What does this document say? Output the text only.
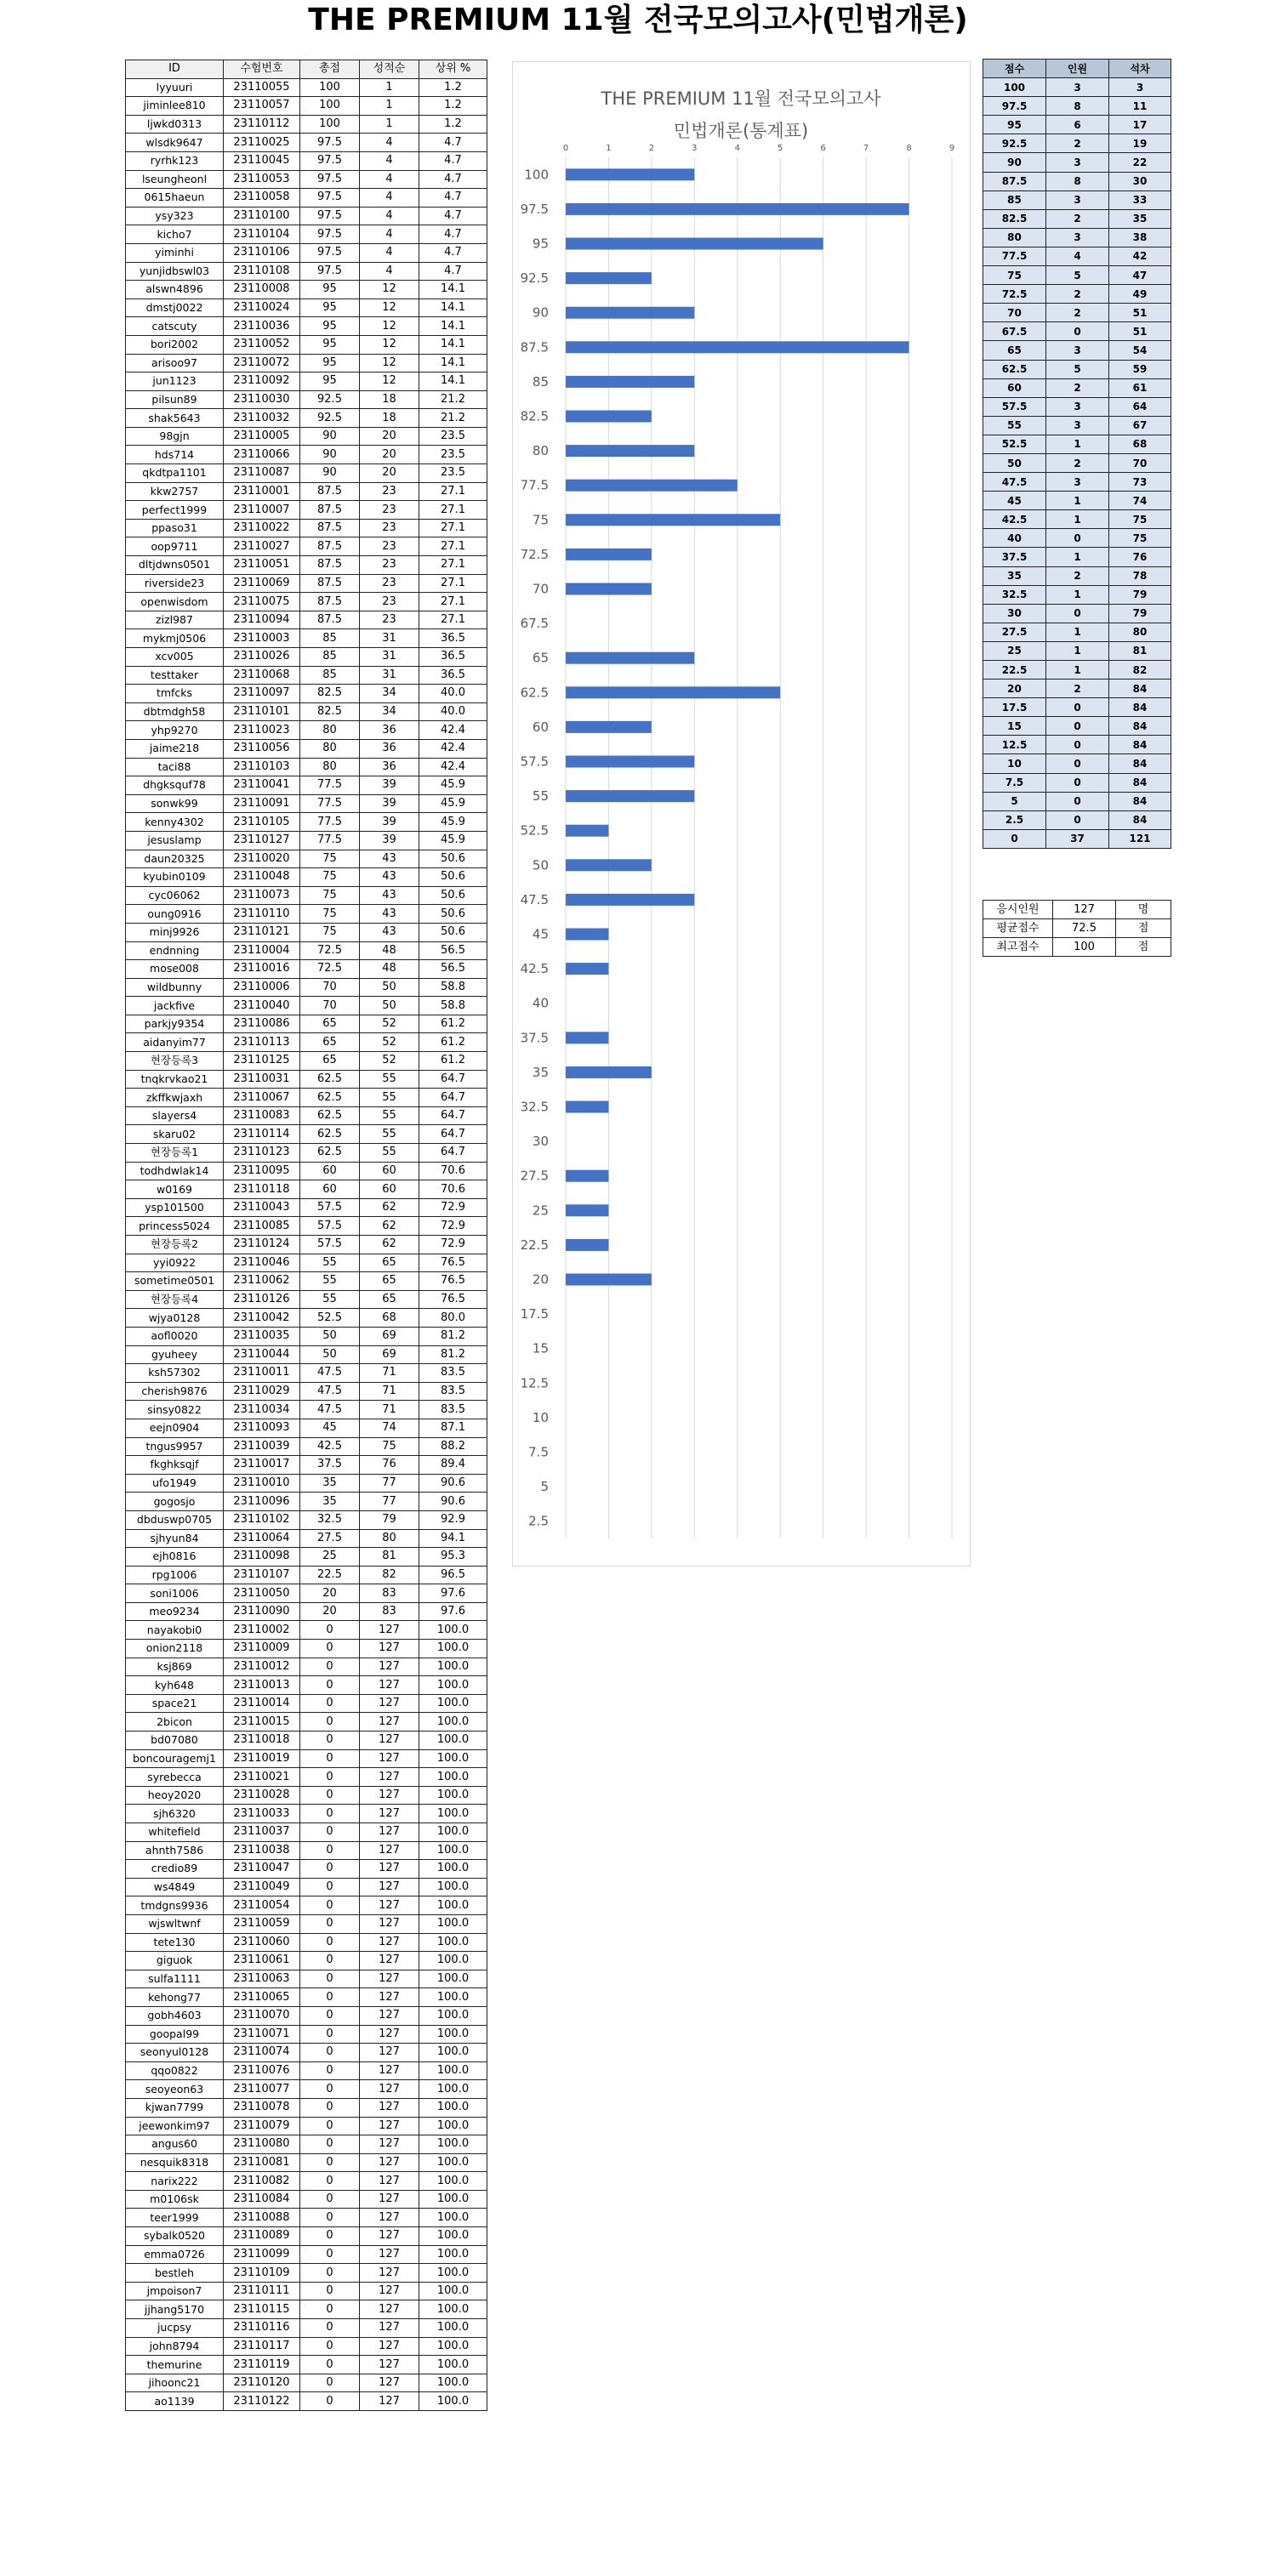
THE PREMIUM 11월 전국모의고사(민법개론)
ID	수험번호	총점	성적순	상위 %
lyyuuri	23110055	100	1	1.2
jiminlee810	23110057	100	1	1.2
ljwkd0313	23110112	100	1	1.2
wlsdk9647	23110025	97.5	4	4.7
ryrhk123	23110045	97.5	4	4.7
lseungheonl	23110053	97.5	4	4.7
0615haeun	23110058	97.5	4	4.7
ysy323	23110100	97.5	4	4.7
kicho7	23110104	97.5	4	4.7
yiminhi	23110106	97.5	4	4.7
yunjidbswl03	23110108	97.5	4	4.7
alswn4896	23110008	95	12	14.1
dmstj0022	23110024	95	12	14.1
catscuty	23110036	95	12	14.1
bori2002	23110052	95	12	14.1
arisoo97	23110072	95	12	14.1
jun1123	23110092	95	12	14.1
pilsun89	23110030	92.5	18	21.2
shak5643	23110032	92.5	18	21.2
98gjn	23110005	90	20	23.5
hds714	23110066	90	20	23.5
qkdtpa1101	23110087	90	20	23.5
kkw2757	23110001	87.5	23	27.1
perfect1999	23110007	87.5	23	27.1
ppaso31	23110022	87.5	23	27.1
oop9711	23110027	87.5	23	27.1
dltjdwns0501	23110051	87.5	23	27.1
riverside23	23110069	87.5	23	27.1
openwisdom	23110075	87.5	23	27.1
zizl987	23110094	87.5	23	27.1
mykmj0506	23110003	85	31	36.5
xcv005	23110026	85	31	36.5
testtaker	23110068	85	31	36.5
tmfcks	23110097	82.5	34	40.0
dbtmdgh58	23110101	82.5	34	40.0
yhp9270	23110023	80	36	42.4
jaime218	23110056	80	36	42.4
taci88	23110103	80	36	42.4
dhgksquf78	23110041	77.5	39	45.9
sonwk99	23110091	77.5	39	45.9
kenny4302	23110105	77.5	39	45.9
jesuslamp	23110127	77.5	39	45.9
daun20325	23110020	75	43	50.6
kyubin0109	23110048	75	43	50.6
cyc06062	23110073	75	43	50.6
oung0916	23110110	75	43	50.6
minj9926	23110121	75	43	50.6
endnning	23110004	72.5	48	56.5
mose008	23110016	72.5	48	56.5
wildbunny	23110006	70	50	58.8
jackfive	23110040	70	50	58.8
parkjy9354	23110086	65	52	61.2
aidanyim77	23110113	65	52	61.2
현장등록3	23110125	65	52	61.2
tnqkrvkao21	23110031	62.5	55	64.7
zkffkwjaxh	23110067	62.5	55	64.7
slayers4	23110083	62.5	55	64.7
skaru02	23110114	62.5	55	64.7
현장등록1	23110123	62.5	55	64.7
todhdwlak14	23110095	60	60	70.6
w0169	23110118	60	60	70.6
ysp101500	23110043	57.5	62	72.9
princess5024	23110085	57.5	62	72.9
현장등록2	23110124	57.5	62	72.9
yyi0922	23110046	55	65	76.5
sometime0501	23110062	55	65	76.5
현장등록4	23110126	55	65	76.5
wjya0128	23110042	52.5	68	80.0
aofl0020	23110035	50	69	81.2
gyuheey	23110044	50	69	81.2
ksh57302	23110011	47.5	71	83.5
cherish9876	23110029	47.5	71	83.5
sinsy0822	23110034	47.5	71	83.5
eejn0904	23110093	45	74	87.1
tngus9957	23110039	42.5	75	88.2
fkghksqjf	23110017	37.5	76	89.4
ufo1949	23110010	35	77	90.6
gogosjo	23110096	35	77	90.6
dbduswp0705	23110102	32.5	79	92.9
sjhyun84	23110064	27.5	80	94.1
ejh0816	23110098	25	81	95.3
rpg1006	23110107	22.5	82	96.5
soni1006	23110050	20	83	97.6
meo9234	23110090	20	83	97.6
nayakobi0	23110002	0	127	100.0
onion2118	23110009	0	127	100.0
ksj869	23110012	0	127	100.0
kyh648	23110013	0	127	100.0
space21	23110014	0	127	100.0
2bicon	23110015	0	127	100.0
bd07080	23110018	0	127	100.0
boncouragemj1	23110019	0	127	100.0
syrebecca	23110021	0	127	100.0
heoy2020	23110028	0	127	100.0
sjh6320	23110033	0	127	100.0
whitefield	23110037	0	127	100.0
ahnth7586	23110038	0	127	100.0
credio89	23110047	0	127	100.0
ws4849	23110049	0	127	100.0
tmdgns9936	23110054	0	127	100.0
wjswltwnf	23110059	0	127	100.0
tete130	23110060	0	127	100.0
giguok	23110061	0	127	100.0
sulfa1111	23110063	0	127	100.0
kehong77	23110065	0	127	100.0
gobh4603	23110070	0	127	100.0
goopal99	23110071	0	127	100.0
seonyul0128	23110074	0	127	100.0
qqo0822	23110076	0	127	100.0
seoyeon63	23110077	0	127	100.0
kjwan7799	23110078	0	127	100.0
jeewonkim97	23110079	0	127	100.0
angus60	23110080	0	127	100.0
nesquik8318	23110081	0	127	100.0
narix222	23110082	0	127	100.0
m0106sk	23110084	0	127	100.0
teer1999	23110088	0	127	100.0
sybalk0520	23110089	0	127	100.0
emma0726	23110099	0	127	100.0
bestleh	23110109	0	127	100.0
jmpoison7	23110111	0	127	100.0
jjhang5170	23110115	0	127	100.0
jucpsy	23110116	0	127	100.0
john8794	23110117	0	127	100.0
themurine	23110119	0	127	100.0
jihoonc21	23110120	0	127	100.0
ao1139	23110122	0	127	100.0
THE PREMIUM 11월 전국모의고사
민법개론(통계표)
0	1	2	3	4	5	6	7	8	9
100
97.5
95
92.5
90
87.5
85
82.5
80
77.5
75
72.5
70
67.5
65
62.5
60
57.5
55
52.5
50
47.5
45
42.5
40
37.5
35
32.5
30
27.5
25
22.5
20
17.5
15
12.5
10
7.5
5
2.5
점수	인원	석차
100	3	3
97.5	8	11
95	6	17
92.5	2	19
90	3	22
87.5	8	30
85	3	33
82.5	2	35
80	3	38
77.5	4	42
75	5	47
72.5	2	49
70	2	51
67.5	0	51
65	3	54
62.5	5	59
60	2	61
57.5	3	64
55	3	67
52.5	1	68
50	2	70
47.5	3	73
45	1	74
42.5	1	75
40	0	75
37.5	1	76
35	2	78
32.5	1	79
30	0	79
27.5	1	80
25	1	81
22.5	1	82
20	2	84
17.5	0	84
15	0	84
12.5	0	84
10	0	84
7.5	0	84
5	0	84
2.5	0	84
0	37	121
응시인원	127	명
평균점수	72.5	점
최고점수	100	점
